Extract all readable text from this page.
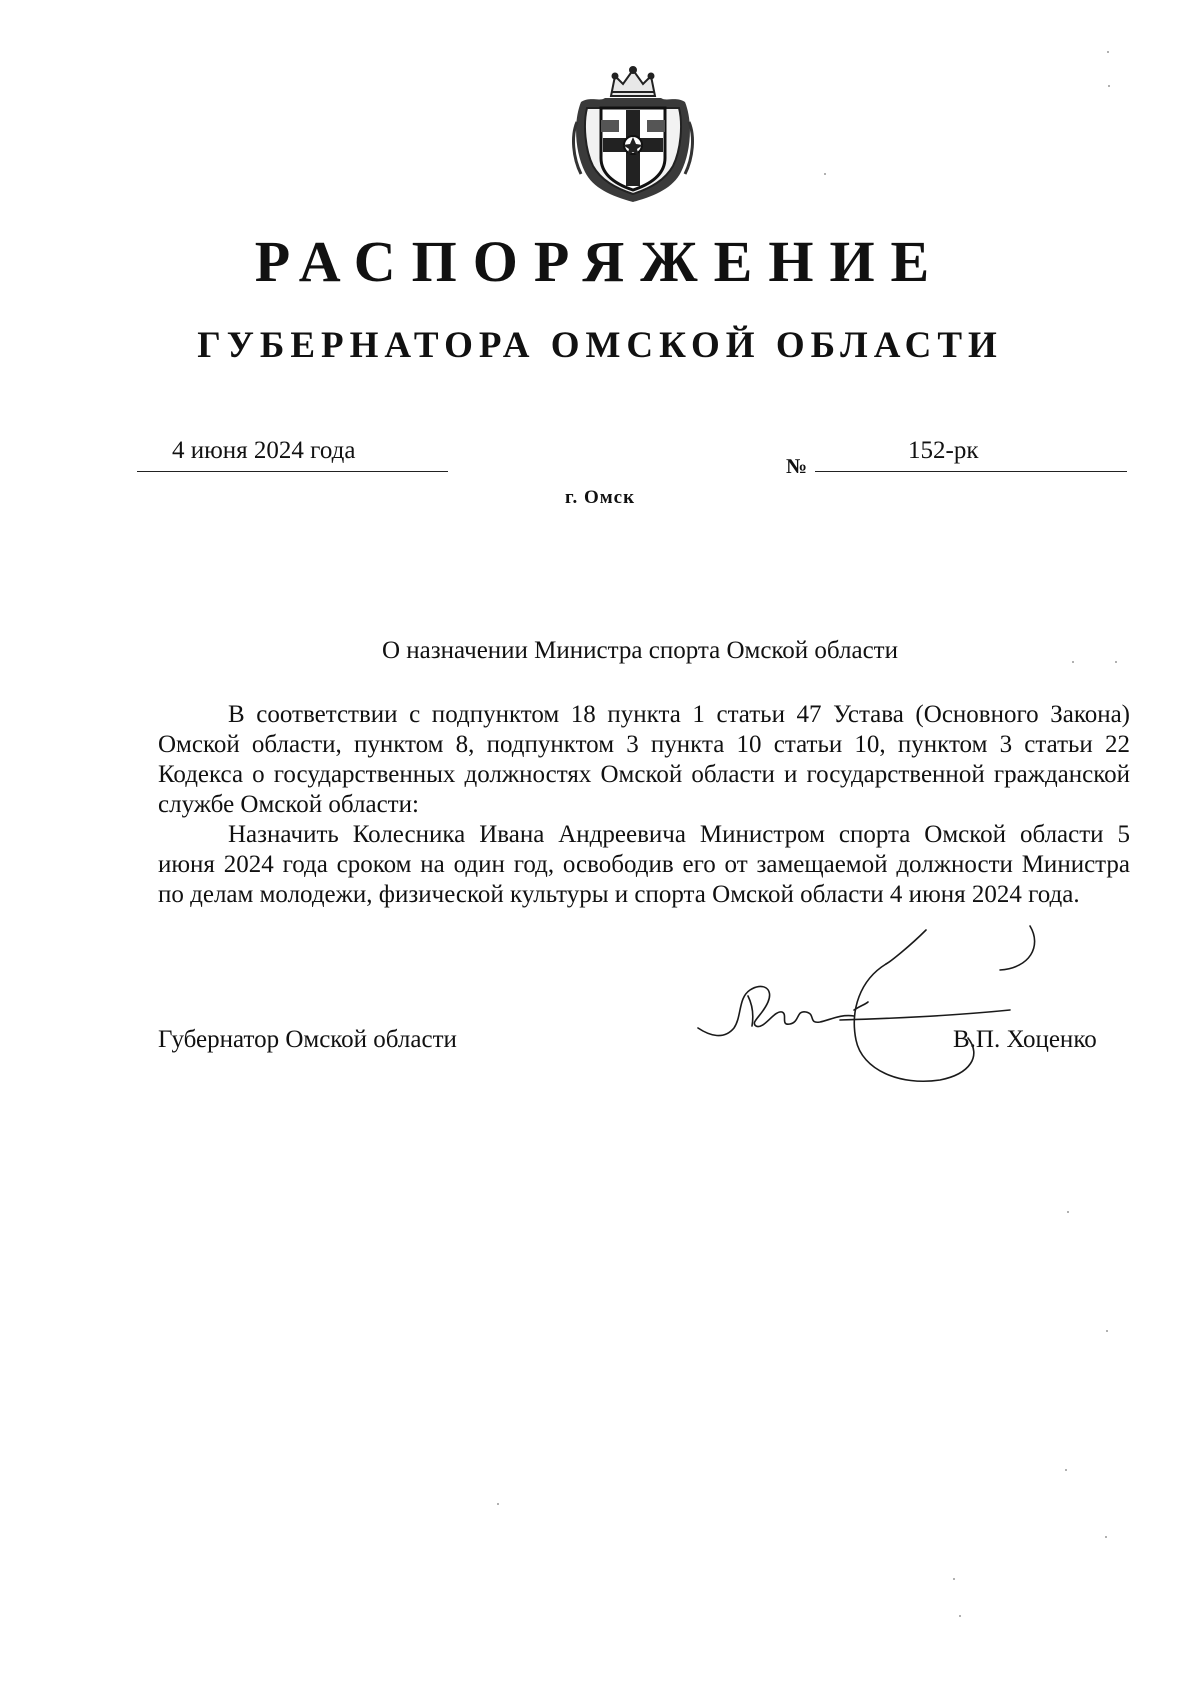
РАСПОРЯЖЕНИЕ
ГУБЕРНАТОРА ОМСКОЙ ОБЛАСТИ
4 июня 2024 года
№
152-рк
г. Омск
О назначении Министра спорта Омской области

В соответствии с подпунктом 18 пункта 1 статьи 47 Устава (Основного Закона) Омской области, пунктом 8, подпунктом 3 пункта 10 статьи 10, пунктом 3 статьи 22 Кодекса о государственных должностях Омской области и государственной гражданской службе Омской области:

Назначить Колесника Ивана Андреевича Министром спорта Омской области 5 июня 2024 года сроком на один год, освободив его от замещаемой должности Министра по делам молодежи, физической культуры и спорта Омской области 4 июня 2024 года.

Губернатор Омской области	В.П. Хоценко
